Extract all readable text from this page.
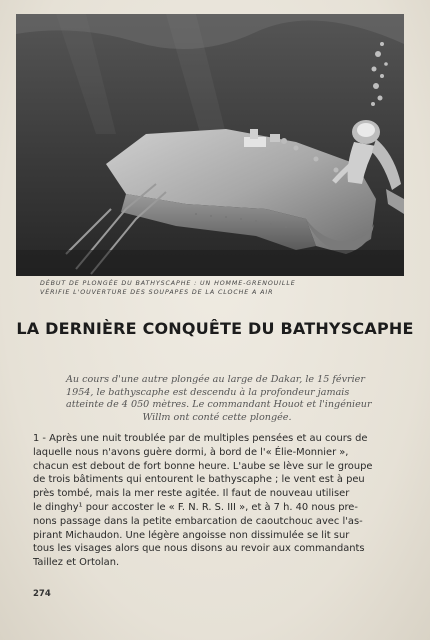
DÉBUT DE PLONGÉE DU BATHYSCAPHE : UN HOMME-GRENOUILLE
VÉRIFIE L'OUVERTURE DES SOUPAPES DE LA CLOCHE A AIR
LA DERNIÈRE CONQUÊTE DU BATHYSCAPHE
Au cours d'une autre plongée au large de Dakar, le 15 février
1954, le bathyscaphe est descendu à la profondeur jamais
atteinte de 4 050 mètres. Le commandant Houot et l'ingénieur
Willm ont conté cette plongée.
1 - Après une nuit troublée par de multiples pensées et au cours de
laquelle nous n'avons guère dormi, à bord de l'« Élie-Monnier »,
chacun est debout de fort bonne heure. L'aube se lève sur le groupe
de trois bâtiments qui entourent le bathyscaphe ; le vent est à peu
près tombé, mais la mer reste agitée. Il faut de nouveau utiliser
le dinghy¹ pour accoster le « F. N. R. S. III », et à 7 h. 40 nous pre-
nons passage dans la petite embarcation de caoutchouc avec l'as-
pirant Michaudon. Une légère angoisse non dissimulée se lit sur
tous les visages alors que nous disons au revoir aux commandants
Taillez et Ortolan.
274
